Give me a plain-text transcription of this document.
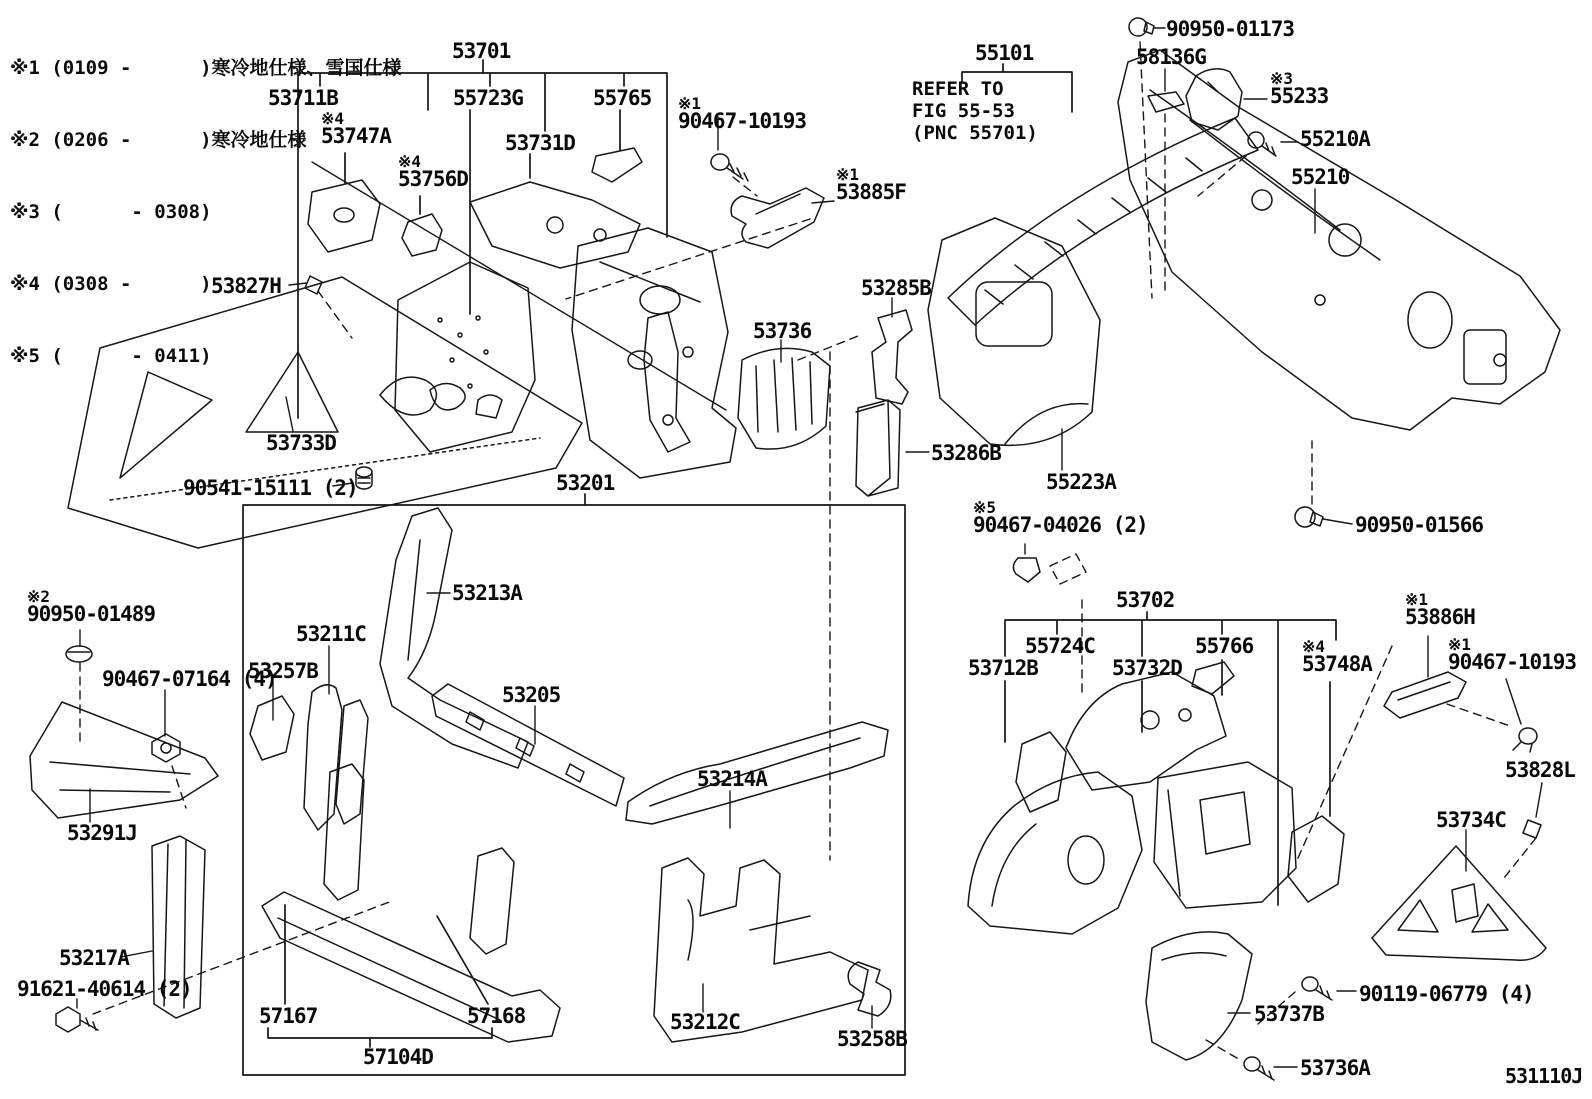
※1 (0109 -      )寒冷地仕様、雪国仕様

※2 (0206 -      )寒冷地仕様

※3 (      - 0308)

※4 (0308 -      )

※5 (      - 0411)

REFER TO
FIG 55-53
(PNC 55701)
53701
53711B	55723G	55765
※4
53747A	53731D
※4
53756D
※1
90467-10193
※1
53885F
53827H
53733D
90541-15111 (2)	53201
53736
53285B
53286B
55101
90950-01173
58136G
※3
55233
55210A
55210
55223A
90950-01566
※5
90467-04026 (2)
53702
55724C	55766
53712B	53732D
※4
53748A
※1
53886H
※1
90467-10193
53828L
53734C
※2
90950-01489
90467-07164 (4)
53257B
53211C
53213A
53205
53214A
53291J
53217A
91621-40614 (2)
57167	57168	53212C
57104D
53258B
53737B
90119-06779 (4)
53736A	531110J
